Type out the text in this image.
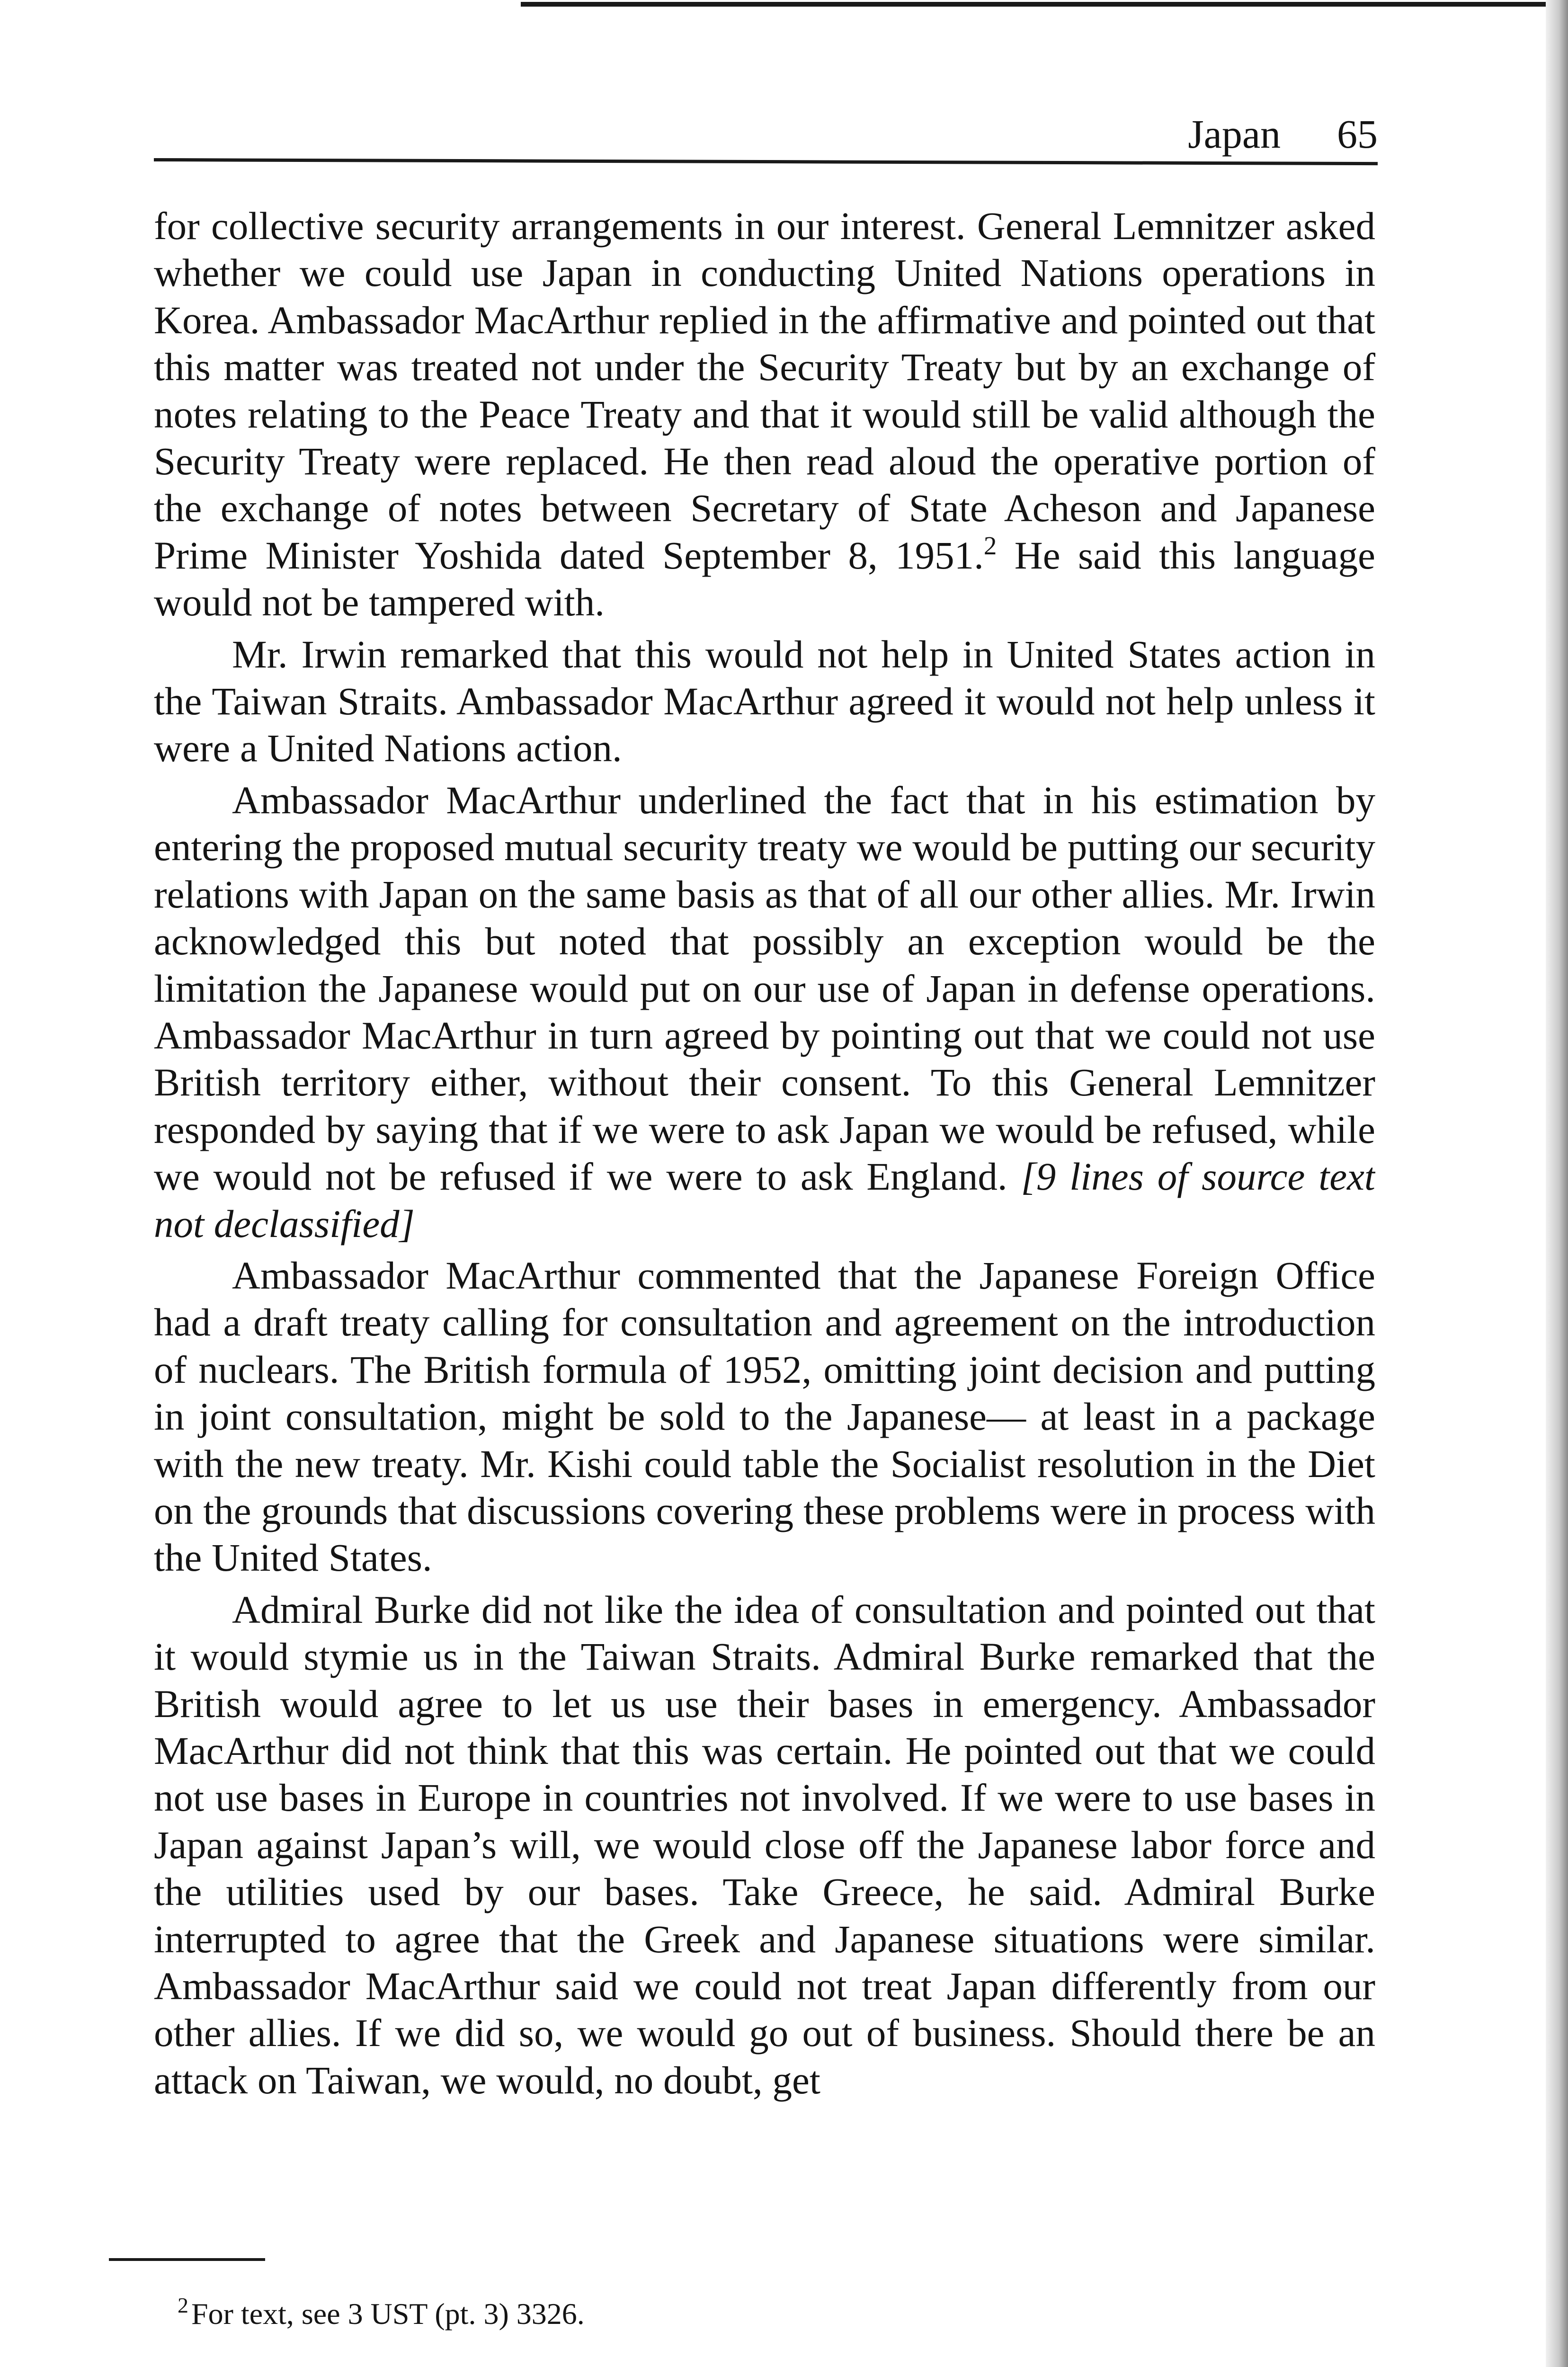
Japan 65

for collective security arrangements in our interest. General Lemnitzer asked whether we could use Japan in conducting United Nations operations in Korea. Ambassador MacArthur replied in the affirmative and pointed out that this matter was treated not under the Security Treaty but by an exchange of notes relating to the Peace Treaty and that it would still be valid although the Security Treaty were replaced. He then read aloud the operative portion of the exchange of notes between Secretary of State Acheson and Japanese Prime Minister Yoshida dated September 8, 1951.$^2$ He said this language would not be tampered with.

Mr. Irwin remarked that this would not help in United States action in the Taiwan Straits. Ambassador MacArthur agreed it would not help unless it were a United Nations action.

Ambassador MacArthur underlined the fact that in his estimation by entering the proposed mutual security treaty we would be putting our security relations with Japan on the same basis as that of all our other allies. Mr. Irwin acknowledged this but noted that possibly an exception would be the limitation the Japanese would put on our use of Japan in defense operations. Ambassador MacArthur in turn agreed by pointing out that we could not use British territory either, without their consent. To this General Lemnitzer responded by saying that if we were to ask Japan we would be refused, while we would not be refused if we were to ask England. [9 lines of source text not declassified]

Ambassador MacArthur commented that the Japanese Foreign Office had a draft treaty calling for consultation and agreement on the introduction of nuclears. The British formula of 1952, omitting joint decision and putting in joint consultation, might be sold to the Japanese— at least in a package with the new treaty. Mr. Kishi could table the Socialist resolution in the Diet on the grounds that discussions covering these problems were in process with the United States.

Admiral Burke did not like the idea of consultation and pointed out that it would stymie us in the Taiwan Straits. Admiral Burke remarked that the British would agree to let us use their bases in emergency. Ambassador MacArthur did not think that this was certain. He pointed out that we could not use bases in Europe in countries not involved. If we were to use bases in Japan against Japan’s will, we would close off the Japanese labor force and the utilities used by our bases. Take Greece, he said. Admiral Burke interrupted to agree that the Greek and Japanese situations were similar. Ambassador MacArthur said we could not treat Japan differently from our other allies. If we did so, we would go out of business. Should there be an attack on Taiwan, we would, no doubt, get

$^2$For text, see 3 UST (pt. 3) 3326.
